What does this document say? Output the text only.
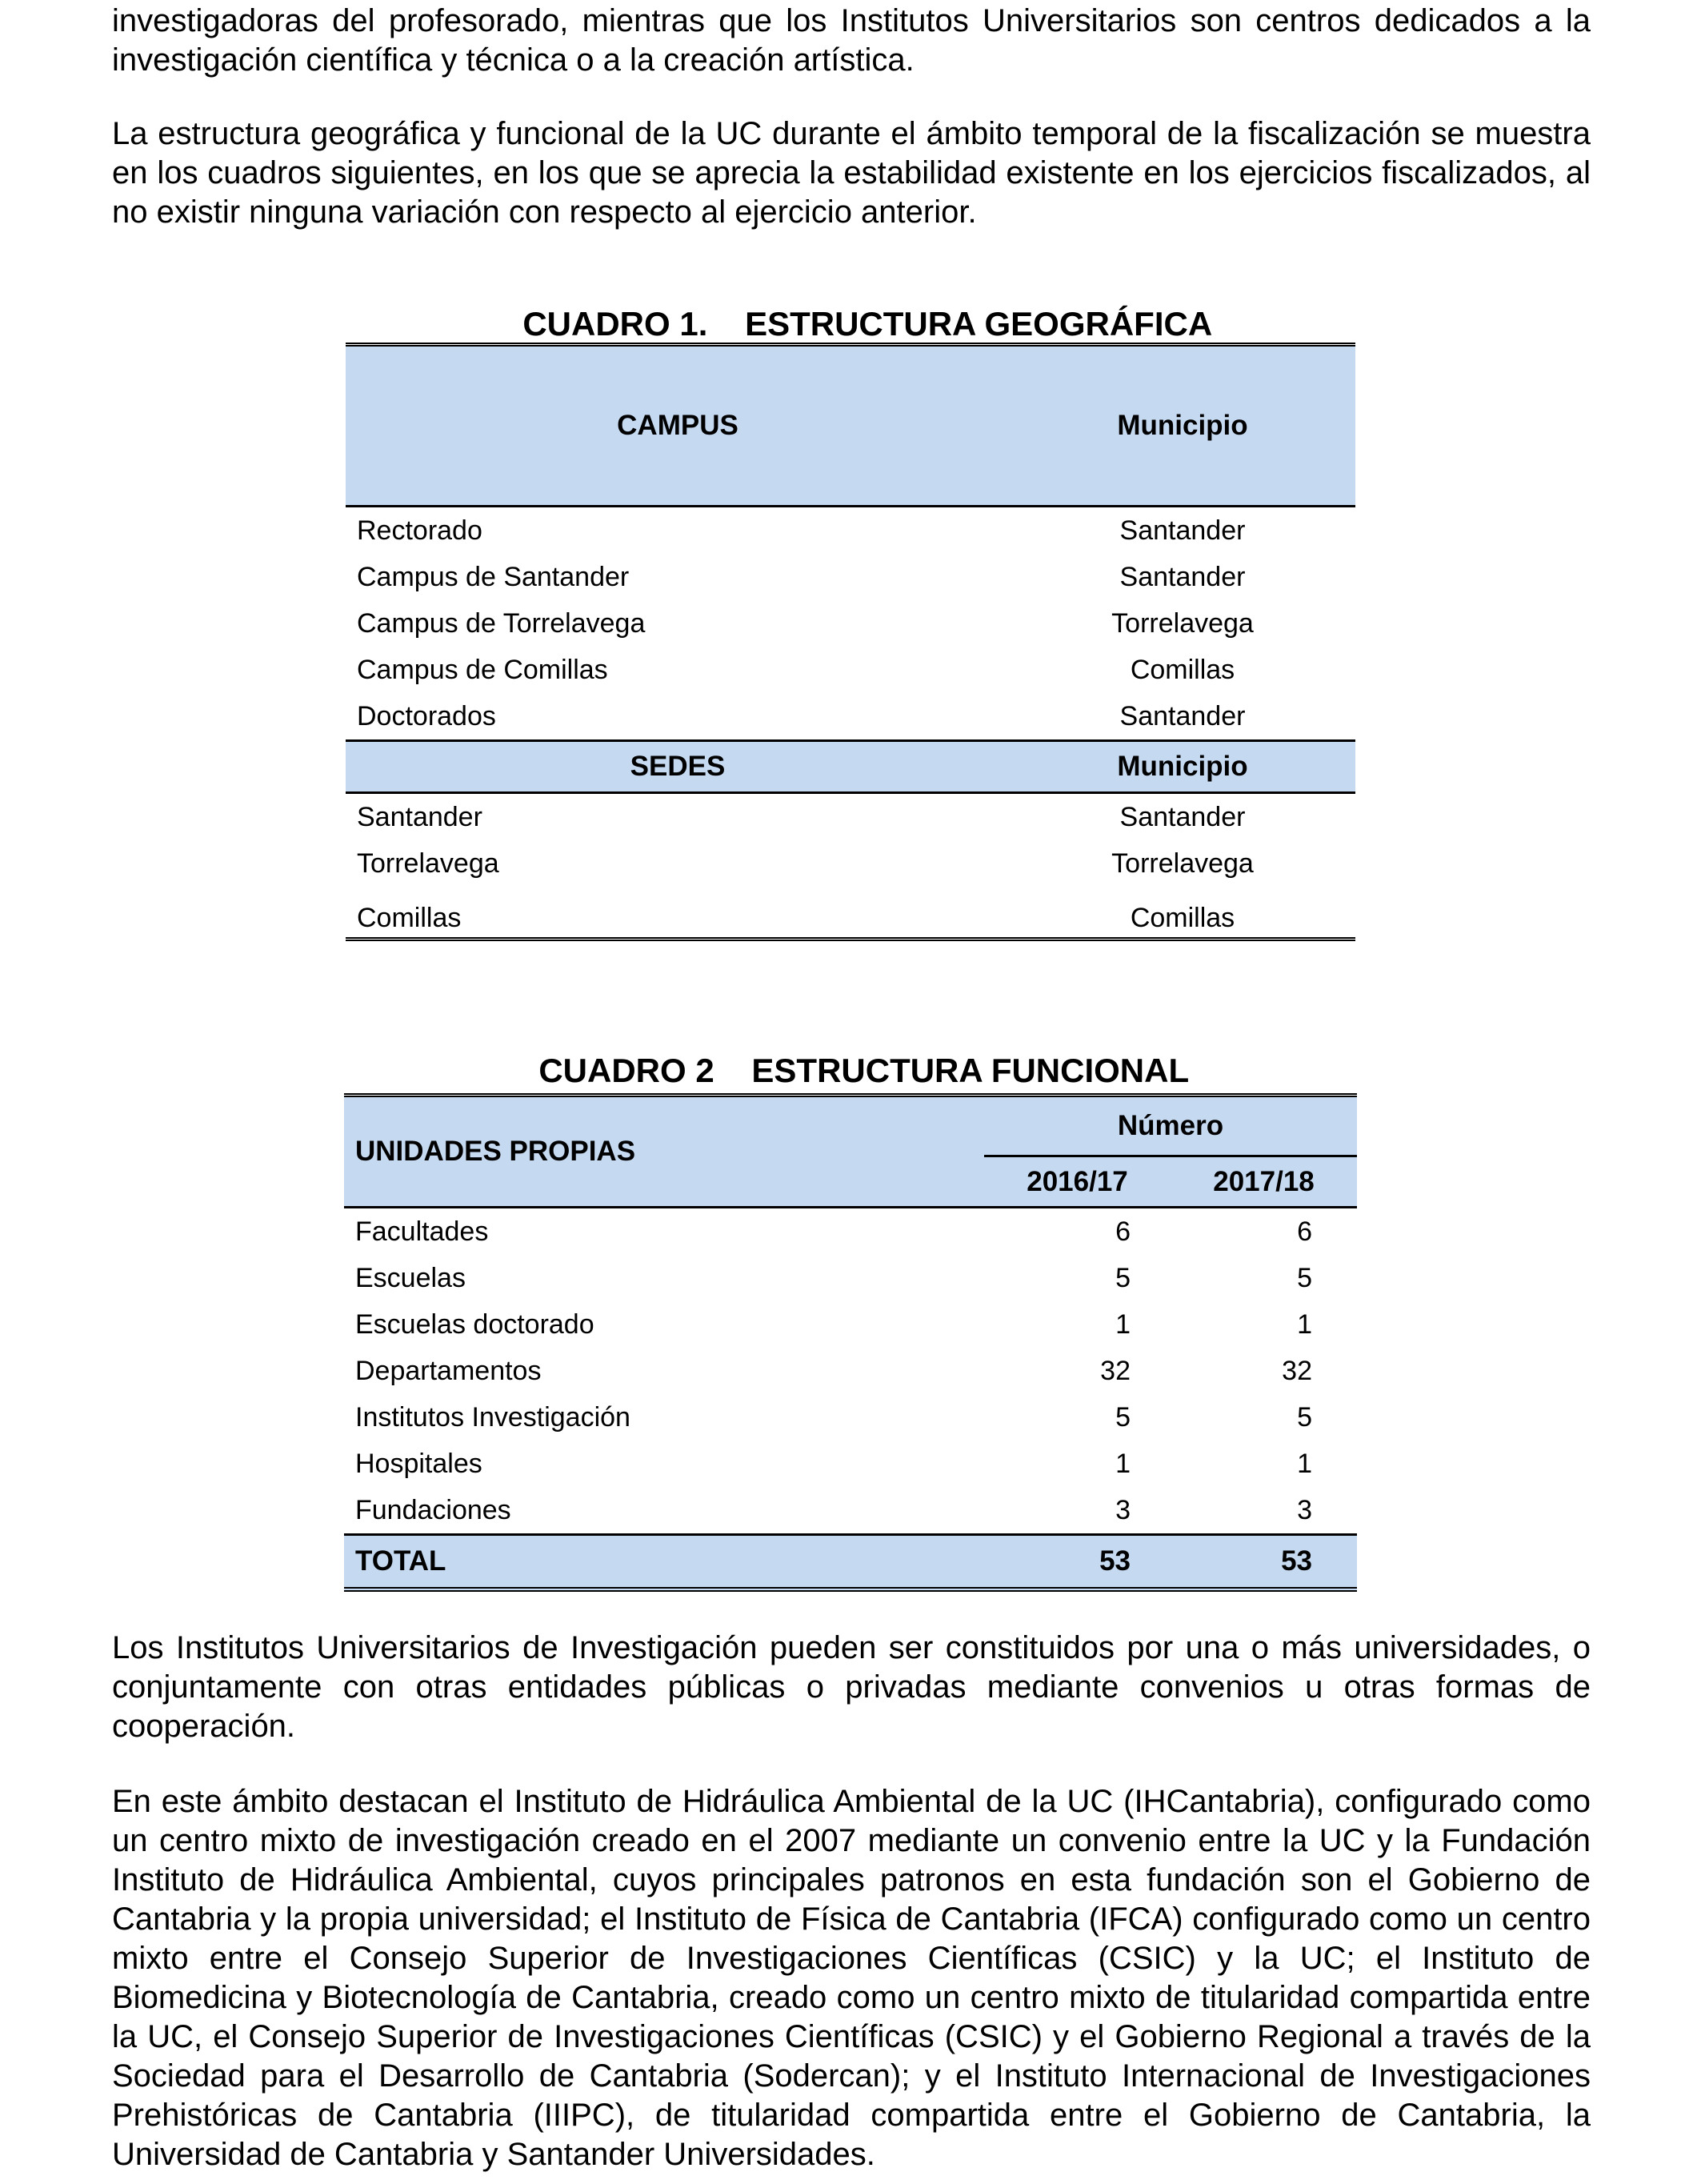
investigadoras del profesorado, mientras que los Institutos Universitarios son centros dedicados a la investigación científica y técnica o a la creación artística.

La estructura geográfica y funcional de la UC durante el ámbito temporal de la fiscalización se muestra en los cuadros siguientes, en los que se aprecia la estabilidad existente en los ejercicios fiscalizados, al no existir ninguna variación con respecto al ejercicio anterior.

CUADRO 1. ESTRUCTURA GEOGRÁFICA

CAMPUS	Municipio
Rectorado	Santander
Campus de Santander	Santander
Campus de Torrelavega	Torrelavega
Campus de Comillas	Comillas
Doctorados	Santander
SEDES	Municipio
Santander	Santander
Torrelavega	Torrelavega
Comillas	Comillas

CUADRO 2 ESTRUCTURA FUNCIONAL

UNIDADES PROPIAS
Número
2016/17	2017/18
Facultades	6	6
Escuelas	5	5
Escuelas doctorado	1	1
Departamentos	32	32
Institutos Investigación	5	5
Hospitales	1	1
Fundaciones	3	3
TOTAL	53	53

Los Institutos Universitarios de Investigación pueden ser constituidos por una o más universidades, o conjuntamente con otras entidades públicas o privadas mediante convenios u otras formas de cooperación.

En este ámbito destacan el Instituto de Hidráulica Ambiental de la UC (IHCantabria), configurado como un centro mixto de investigación creado en el 2007 mediante un convenio entre la UC y la Fundación Instituto de Hidráulica Ambiental, cuyos principales patronos en esta fundación son el Gobierno de Cantabria y la propia universidad; el Instituto de Física de Cantabria (IFCA) configurado como un centro mixto entre el Consejo Superior de Investigaciones Científicas (CSIC) y la UC; el Instituto de Biomedicina y Biotecnología de Cantabria, creado como un centro mixto de titularidad compartida entre la UC, el Consejo Superior de Investigaciones Científicas (CSIC) y el Gobierno Regional a través de la Sociedad para el Desarrollo de Cantabria (Sodercan); y el Instituto Internacional de Investigaciones Prehistóricas de Cantabria (IIIPC), de titularidad compartida entre el Gobierno de Cantabria, la Universidad de Cantabria y Santander Universidades.
